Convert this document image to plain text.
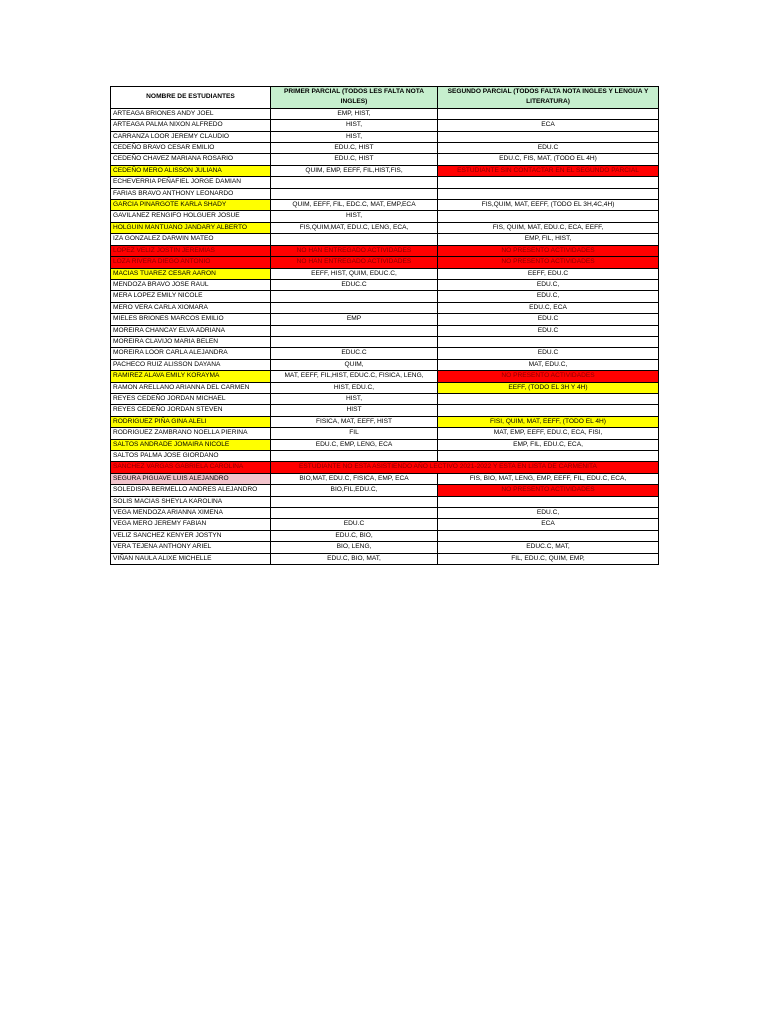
NOMBRE DE ESTUDIANTES	PRIMER PARCIAL (TODOS LES FALTA NOTA INGLES)	SEGUNDO PARCIAL (TODOS FALTA NOTA INGLES Y LENGUA Y LITERATURA)
ARTEAGA BRIONES ANDY JOEL	EMP, HIST,	
ARTEAGA PALMA NIXON ALFREDO	HIST,	ECA
CARRANZA LOOR JEREMY CLAUDIO	HIST,	
CEDEÑO BRAVO CESAR EMILIO	EDU.C, HIST	EDU.C
CEDEÑO CHAVEZ MARIANA ROSARIO	EDU.C, HIST	EDU.C, FIS, MAT, (TODO EL 4H)
CEDEÑO MERO ALISSON JULIANA	QUIM, EMP, EEFF, FIL,HIST,FIS,	ESTUDIANTE SIN CONTACTAR EN EL SEGUNDO PARCIAL
ECHEVERRIA PEÑAFIEL JORGE DAMIAN		
FARIAS BRAVO ANTHONY LEONARDO		
GARCIA PINARGOTE KARLA SHADY	QUIM, EEFF, FIL, EDC.C, MAT, EMP,ECA	FIS,QUIM, MAT, EEFF, (TODO EL 3H,4C,4H)
GAVILANEZ RENGIFO HOLGUER JOSUE	HIST,	
HOLGUIN MANTUANO JANDARY ALBERTO	FIS,QUIM,MAT, EDU.C, LENG, ECA,	FIS, QUIM, MAT, EDU.C, ECA, EEFF,
IZA GONZALEZ DARWIN MATEO		EMP, FIL, HIST,
LOPEZ VELIZ JOSTIN JEREMIAS	NO HAN ENTREGADO ACTIVIDADES	NO PRESENTO ACTIVIDADES
LOZA RIVERA DIEGO ANTONIO	NO HAN ENTREGADO ACTIVIDADES	NO PRESENTO ACTIVIDADES
MACIAS TUAREZ CESAR AARON	EEFF, HIST, QUIM, EDUC.C,	EEFF, EDU.C
MENDOZA BRAVO JOSE RAUL	EDUC.C	EDU.C,
MERA LOPEZ EMILY NICOLE		EDU.C,
MERO VERA CARLA XIOMARA		EDU.C, ECA
MIELES BRIONES MARCOS EMILIO	EMP	EDU.C
MOREIRA CHANCAY ELVA ADRIANA		EDU.C
MOREIRA CLAVIJO MARIA BELEN		
MOREIRA LOOR CARLA ALEJANDRA	EDUC.C	EDU.C
PACHECO RUIZ ALISSON DAYANA	QUIM,	MAT, EDU.C,
RAMIREZ ALAVA EMILY KORAYMA	MAT, EEFF, FIL,HIST, EDUC.C, FISICA, LENG,	NO PRESENTO ACTIVIDADES
RAMON ARELLANO ARIANNA DEL CARMEN	HIST, EDU.C,	EEFF, (TODO EL 3H Y 4H)
REYES CEDEÑO JORDAN MICHAEL	HIST,	
REYES CEDEÑO JORDAN STEVEN	HIST	
RODRIGUEZ PIÑA GINA ALELI	FISICA, MAT, EEFF, HIST	FISI, QUIM, MAT, EEFF, (TODO EL 4H)
RODRIGUEZ ZAMBRANO NOELLA PIERINA	FIL	MAT, EMP, EEFF, EDU.C, ECA, FISI,
SALTOS ANDRADE JOMAIRA NICOLE	EDU.C, EMP, LENG, ECA	EMP, FIL, EDU.C, ECA,
SALTOS PALMA JOSE GIORDANO		
SANCHEZ VARGAS GABRIELA CAROLINA	ESTUDIANTE NO ESTA ASISTIENDO AÑO LECTIVO 2021-2022 Y ESTA EN LISTA DE CARMENITA	
SEGURA PIGUAVE LUIS ALEJANDRO	BIO,MAT, EDU.C, FISICA, EMP, ECA	FIS, BIO, MAT, LENG, EMP, EEFF, FIL, EDU.C, ECA,
SOLEDISPA BERMELLO ANDRES ALEJANDRO	BIO,FIL,EDU.C,	NO PRESENTO ACTIVIDADES
SOLIS MACIAS SHEYLA KAROLINA		
VEGA MENDOZA ARIANNA XIMENA		EDU.C,
VEGA MERO JEREMY FABIAN	EDU.C	ECA
VELIZ SANCHEZ KENYER JOSTYN	EDU.C, BIO,	
VERA TEJENA ANTHONY ARIEL	BIO, LENG,	EDUC.C, MAT,
VIÑAN NAULA ALIXE MICHELLE	EDU.C, BIO, MAT,	FIL, EDU.C, QUIM, EMP,
